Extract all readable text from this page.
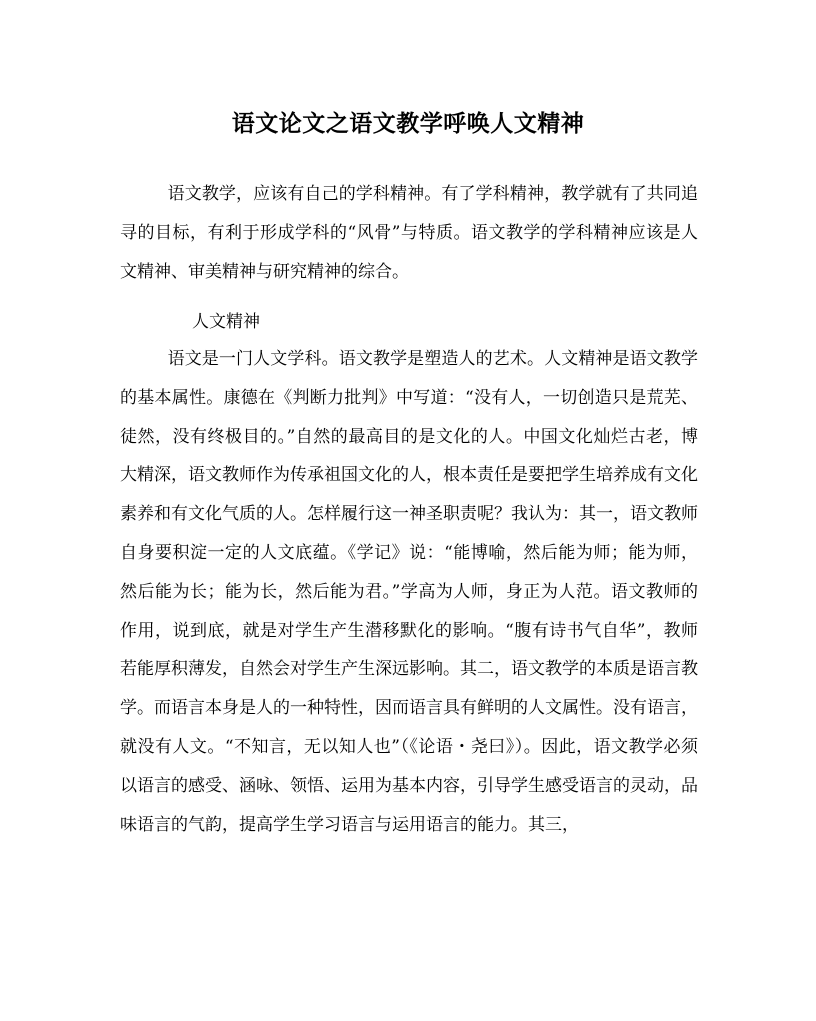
语文论文之语文教学呼唤人文精神
语文教学，应该有自己的学科精神。有了学科精神，教学就有了共同追寻的目标，有利于形成学科的“风骨”与特质。语文教学的学科精神应该是人文精神、审美精神与研究精神的综合。
人文精神
语文是一门人文学科。语文教学是塑造人的艺术。人文精神是语文教学的基本属性。康德在《判断力批判》中写道：“没有人，一切创造只是荒芜、徒然，没有终极目的。”自然的最高目的是文化的人。中国文化灿烂古老，博大精深，语文教师作为传承祖国文化的人，根本责任是要把学生培养成有文化素养和有文化气质的人。怎样履行这一神圣职责呢？我认为：其一，语文教师自身要积淀一定的人文底蕴。《学记》说：“能博喻，然后能为师；能为师，然后能为长；能为长，然后能为君。”学高为人师，身正为人范。语文教师的作用，说到底，就是对学生产生潜移默化的影响。“腹有诗书气自华”，教师若能厚积薄发，自然会对学生产生深远影响。其二，语文教学的本质是语言教学。而语言本身是人的一种特性，因而语言具有鲜明的人文属性。没有语言，就没有人文。“不知言，无以知人也”（《论语・尧曰》）。因此，语文教学必须以语言的感受、涵咏、领悟、运用为基本内容，引导学生感受语言的灵动，品味语言的气韵，提高学生学习语言与运用语言的能力。其三，
